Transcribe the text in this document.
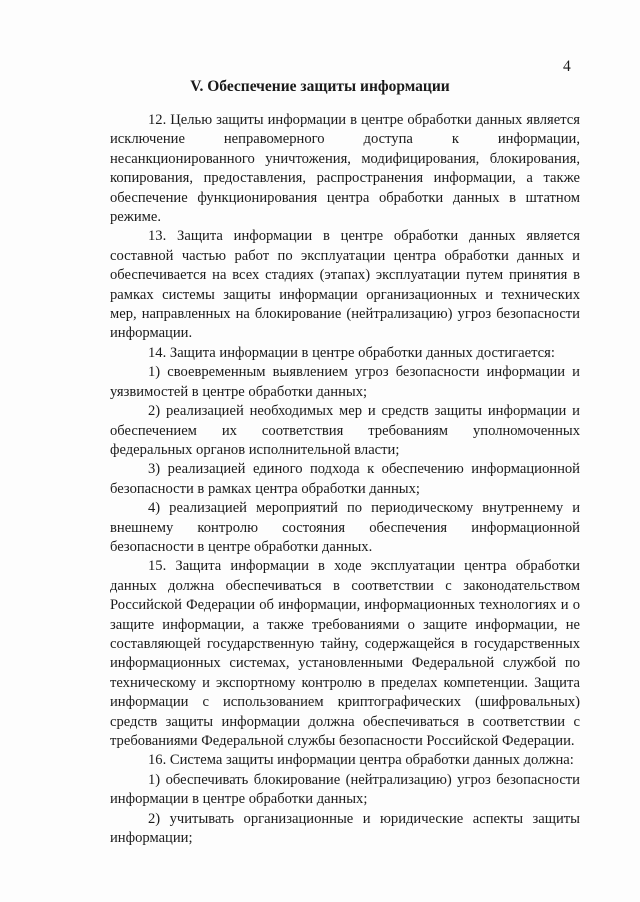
4
V. Обеспечение защиты информации

12. Целью защиты информации в центре обработки данных является исключение неправомерного доступа к информации, несанкционированного уничтожения, модифицирования, блокирования, копирования, предоставления, распространения информации, а также обеспечение функционирования центра обработки данных в штатном режиме.

13. Защита информации в центре обработки данных является составной частью работ по эксплуатации центра обработки данных и обеспечивается на всех стадиях (этапах) эксплуатации путем принятия в рамках системы защиты информации организационных и технических мер, направленных на блокирование (нейтрализацию) угроз безопасности информации.

14. Защита информации в центре обработки данных достигается:

1) своевременным выявлением угроз безопасности информации и уязвимостей в центре обработки данных;

2) реализацией необходимых мер и средств защиты информации и обеспечением их соответствия требованиям уполномоченных федеральных органов исполнительной власти;

3) реализацией единого подхода к обеспечению информационной безопасности в рамках центра обработки данных;

4) реализацией мероприятий по периодическому внутреннему и внешнему контролю состояния обеспечения информационной безопасности в центре обработки данных.

15. Защита информации в ходе эксплуатации центра обработки данных должна обеспечиваться в соответствии с законодательством Российской Федерации об информации, информационных технологиях и о защите информации, а также требованиями о защите информации, не составляющей государственную тайну, содержащейся в государственных информационных системах, установленными Федеральной службой по техническому и экспортному контролю в пределах компетенции. Защита информации с использованием криптографических (шифровальных) средств защиты информации должна обеспечиваться в соответствии с требованиями Федеральной службы безопасности Российской Федерации.

16. Система защиты информации центра обработки данных должна:

1) обеспечивать блокирование (нейтрализацию) угроз безопасности информации в центре обработки данных;

2) учитывать организационные и юридические аспекты защиты информации;
